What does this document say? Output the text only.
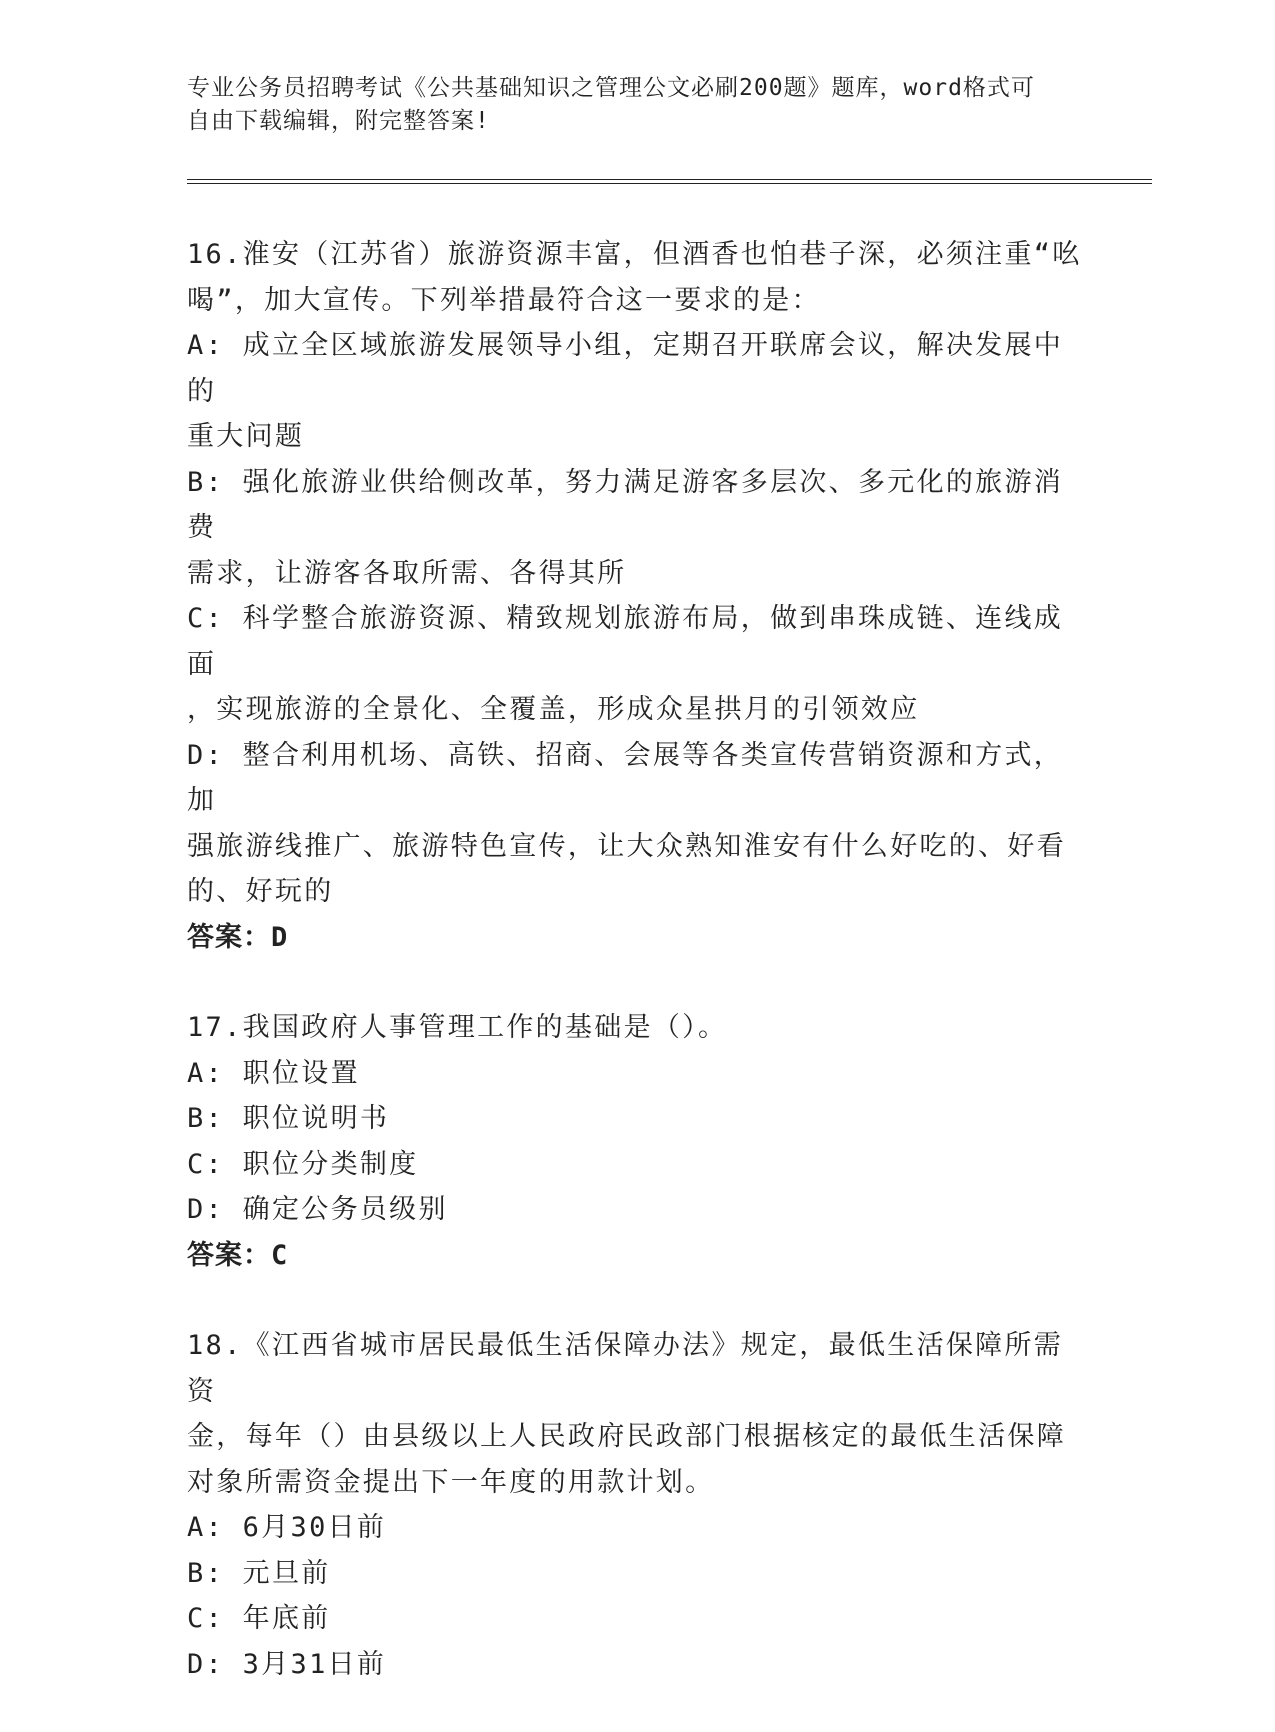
专业公务员招聘考试《公共基础知识之管理公文必刷200题》题库，word格式可
自由下载编辑，附完整答案!
16.淮安（江苏省）旅游资源丰富，但酒香也怕巷子深，必须注重“吆
喝”，加大宣传。下列举措最符合这一要求的是：
A: 成立全区域旅游发展领导小组，定期召开联席会议，解决发展中的
重大问题
B: 强化旅游业供给侧改革，努力满足游客多层次、多元化的旅游消费
需求，让游客各取所需、各得其所
C: 科学整合旅游资源、精致规划旅游布局，做到串珠成链、连线成面
，实现旅游的全景化、全覆盖，形成众星拱月的引领效应
D: 整合利用机场、高铁、招商、会展等各类宣传营销资源和方式，加
强旅游线推广、旅游特色宣传，让大众熟知淮安有什么好吃的、好看
的、好玩的
答案：D
17.我国政府人事管理工作的基础是（）。
A: 职位设置
B: 职位说明书
C: 职位分类制度
D: 确定公务员级别
答案：C
18.《江西省城市居民最低生活保障办法》规定，最低生活保障所需资
金，每年（）由县级以上人民政府民政部门根据核定的最低生活保障
对象所需资金提出下一年度的用款计划。
A: 6月30日前
B: 元旦前
C: 年底前
D: 3月31日前
